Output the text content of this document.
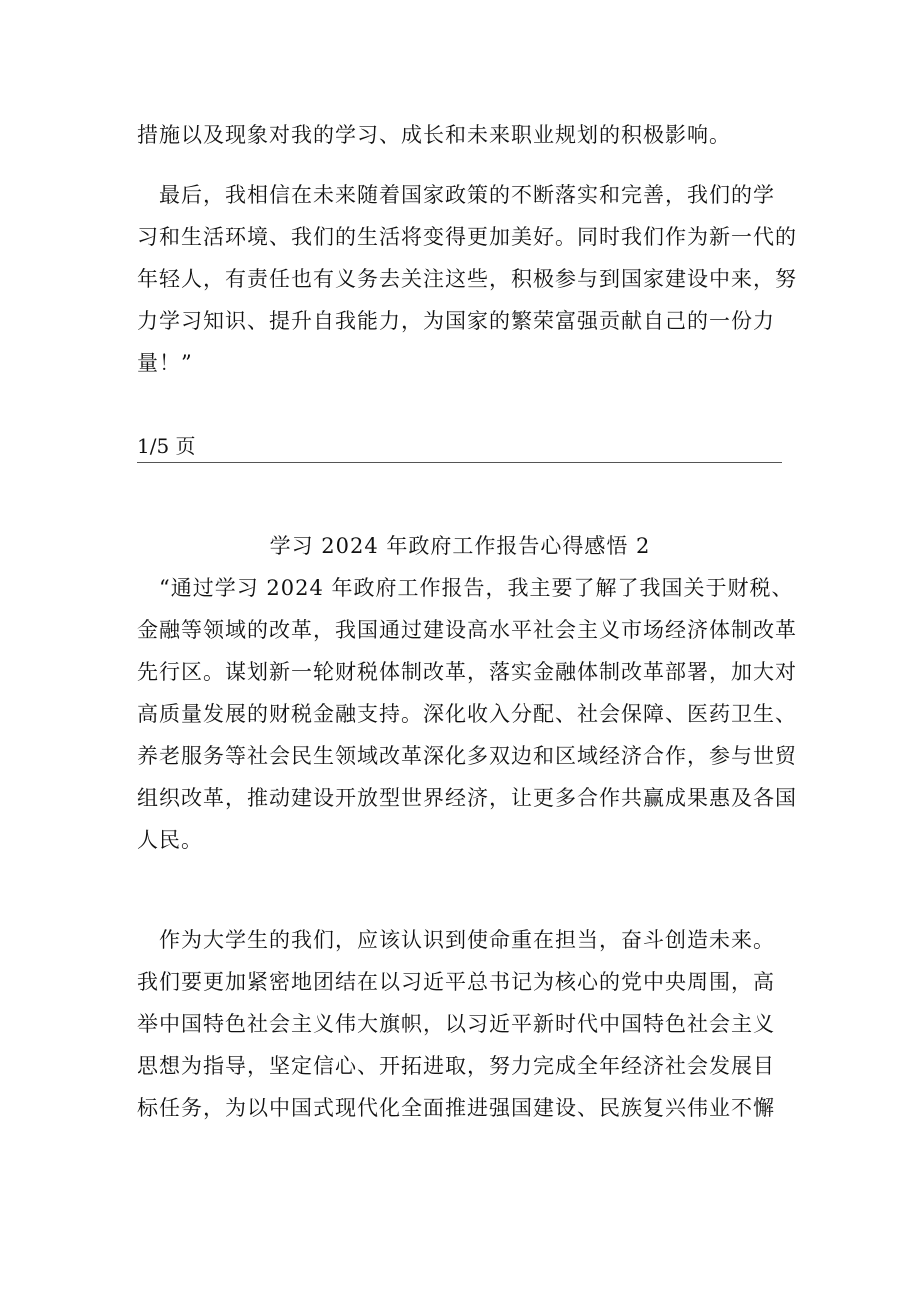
措施以及现象对我的学习、成长和未来职业规划的积极影响。
　最后，我相信在未来随着国家政策的不断落实和完善，我们的学
习和生活环境、我们的生活将变得更加美好。同时我们作为新一代的
年轻人，有责任也有义务去关注这些，积极参与到国家建设中来，努
力学习知识、提升自我能力，为国家的繁荣富强贡献自己的一份力
量！”
1/5 页
学习 2024 年政府工作报告心得感悟 2
　“通过学习 2024 年政府工作报告，我主要了解了我国关于财税、
金融等领域的改革，我国通过建设高水平社会主义市场经济体制改革
先行区。谋划新一轮财税体制改革，落实金融体制改革部署，加大对
高质量发展的财税金融支持。深化收入分配、社会保障、医药卫生、
养老服务等社会民生领域改革深化多双边和区域经济合作，参与世贸
组织改革，推动建设开放型世界经济，让更多合作共赢成果惠及各国
人民。
　作为大学生的我们，应该认识到使命重在担当，奋斗创造未来。
我们要更加紧密地团结在以习近平总书记为核心的党中央周围，高
举中国特色社会主义伟大旗帜，以习近平新时代中国特色社会主义
思想为指导，坚定信心、开拓进取，努力完成全年经济社会发展目
标任务，为以中国式现代化全面推进强国建设、民族复兴伟业不懈
